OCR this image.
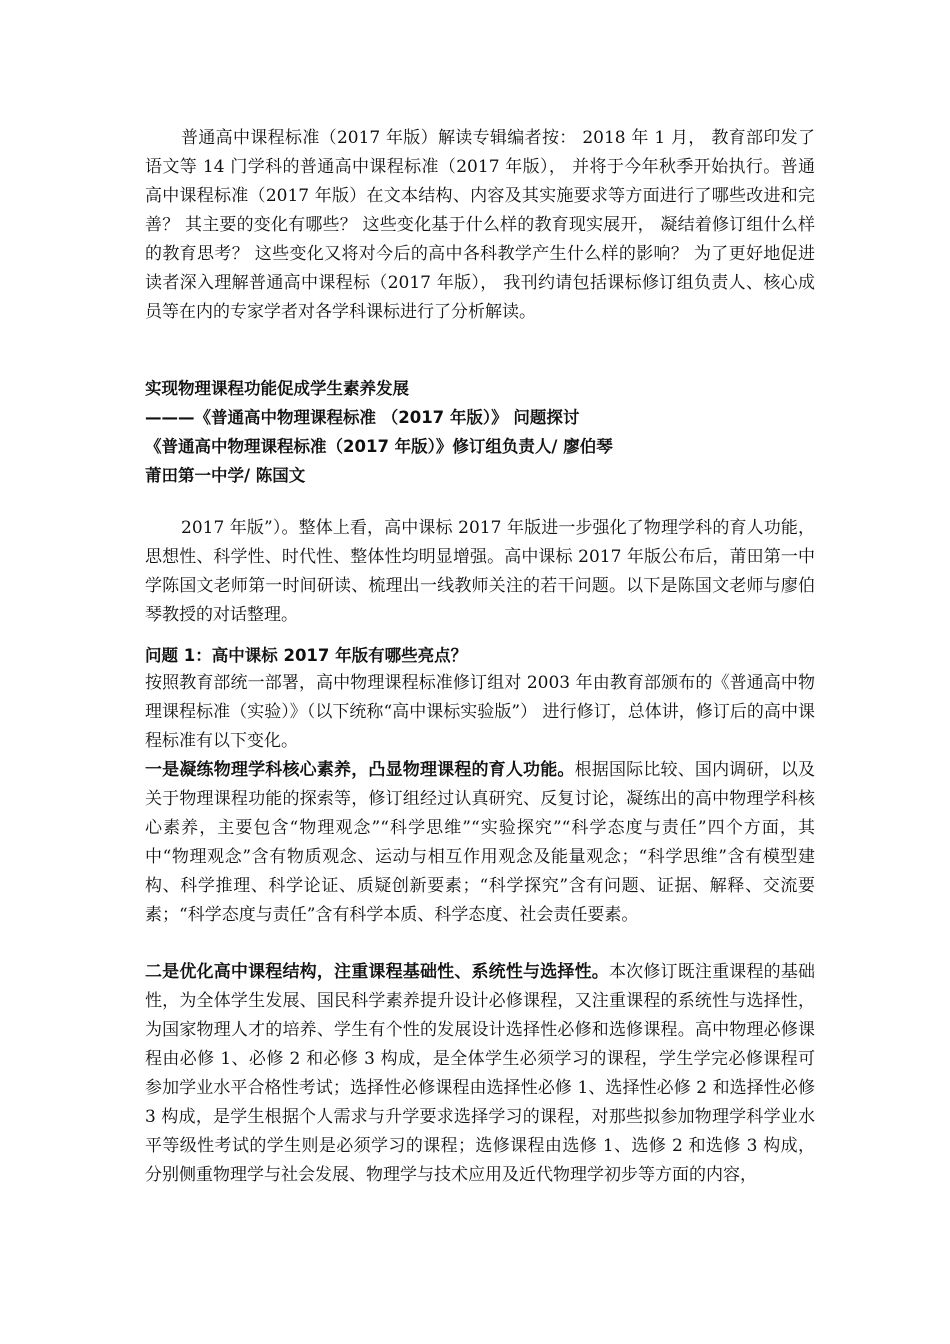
普通高中课程标准（2017 年版）解读专辑编者按： 2018 年 1 月， 教育部印发了语文等 14 门学科的普通高中课程标准（2017 年版）， 并将于今年秋季开始执行。普通高中课程标准（2017 年版）在文本结构、内容及其实施要求等方面进行了哪些改进和完善？ 其主要的变化有哪些？ 这些变化基于什么样的教育现实展开， 凝结着修订组什么样的教育思考？ 这些变化又将对今后的高中各科教学产生什么样的影响？ 为了更好地促进读者深入理解普通高中课程标（2017 年版）， 我刊约请包括课标修订组负责人、核心成员等在内的专家学者对各学科课标进行了分析解读。

实现物理课程功能促成学生素养发展
———《普通高中物理课程标准 （2017 年版）》 问题探讨
《普通高中物理课程标准（2017 年版）》修订组负责人/ 廖伯琴
莆田第一中学/ 陈国文

2017 年版”）。整体上看，高中课标 2017 年版进一步强化了物理学科的育人功能，思想性、科学性、时代性、整体性均明显增强。高中课标 2017 年版公布后，莆田第一中学陈国文老师第一时间研读、梳理出一线教师关注的若干问题。以下是陈国文老师与廖伯琴教授的对话整理。

问题 1：高中课标 2017 年版有哪些亮点？

按照教育部统一部署，高中物理课程标准修订组对 2003 年由教育部颁布的《普通高中物理课程标准（实验）》（以下统称“高中课标实验版”） 进行修订，总体讲，修订后的高中课程标准有以下变化。

一是凝练物理学科核心素养，凸显物理课程的育人功能。根据国际比较、国内调研，以及关于物理课程功能的探索等，修订组经过认真研究、反复讨论，凝练出的高中物理学科核心素养，主要包含“物理观念”“科学思维”“实验探究”“科学态度与责任”四个方面，其中“物理观念”含有物质观念、运动与相互作用观念及能量观念；“科学思维”含有模型建构、科学推理、科学论证、质疑创新要素；“科学探究”含有问题、证据、解释、交流要素；“科学态度与责任”含有科学本质、科学态度、社会责任要素。

二是优化高中课程结构，注重课程基础性、系统性与选择性。本次修订既注重课程的基础性，为全体学生发展、国民科学素养提升设计必修课程，又注重课程的系统性与选择性，为国家物理人才的培养、学生有个性的发展设计选择性必修和选修课程。高中物理必修课程由必修 1、必修 2 和必修 3 构成，是全体学生必须学习的课程，学生学完必修课程可参加学业水平合格性考试；选择性必修课程由选择性必修 1、选择性必修 2 和选择性必修 3 构成，是学生根据个人需求与升学要求选择学习的课程，对那些拟参加物理学科学业水平等级性考试的学生则是必须学习的课程；选修课程由选修 1、选修 2 和选修 3 构成，分别侧重物理学与社会发展、物理学与技术应用及近代物理学初步等方面的内容，
